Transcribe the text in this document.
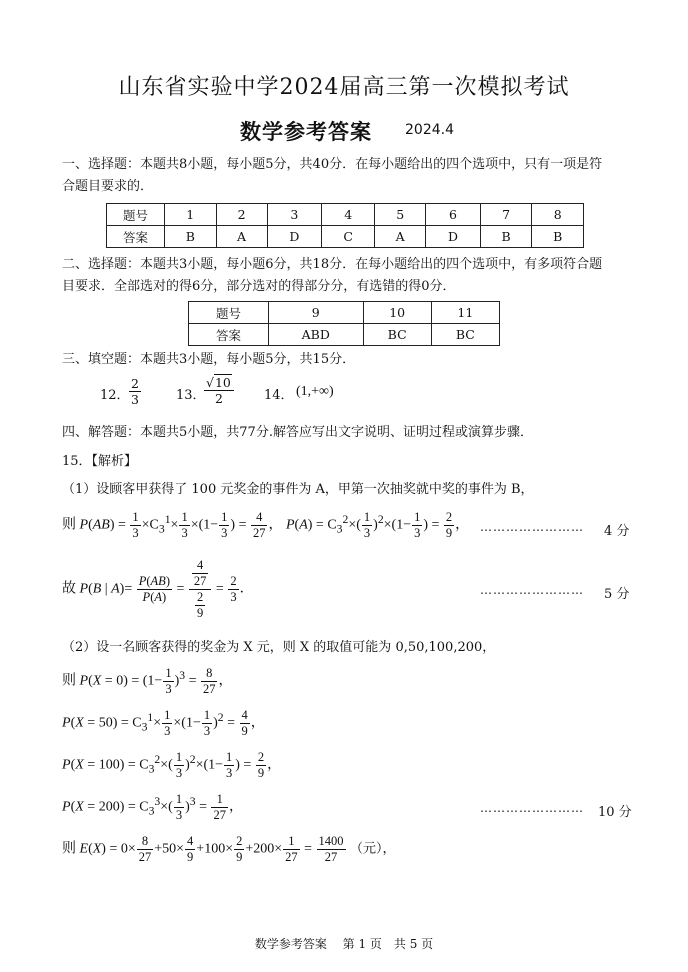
山东省实验中学2024届高三第一次模拟考试
数学参考答案 2024.4
一、选择题：本题共8小题，每小题5分，共40分．在每小题给出的四个选项中，只有一项是符
合题目要求的．
题号	1	2	3	4	5	6	7	8
答案	B	A	D	C	A	D	B	B
二、选择题：本题共3小题，每小题6分，共18分．在每小题给出的四个选项中，有多项符合题
目要求．全部选对的得6分，部分选对的得部分分，有选错的得0分．
题号	9	10	11
答案	ABD	BC	BC
三、填空题：本题共3小题，每小题5分，共15分．
12． $\frac{2}{3}$	13．
$\frac{√10}{2} 14$． (1,+∞)
四、解答题：本题共5小题，共77分.解答应写出文字说明、证明过程或演算步骤．
15．【解析】
（1）设顾客甲获得了 100 元奖金的事件为 A，甲第一次抽奖就中奖的事件为 B，
则 $P(AB) = \frac{1}{3} \times C_3^1\times \frac{1}{3} \times(1- \frac{1}{3}$ ) = $\frac{4}{27}$ ， $P(A) = C_3^2\times( \frac{1}{3} )^2\times(1- \frac{1}{3}$ ) = $\frac{2}{9}$ ， …………………… 4 分
故 P(B | $A)= \frac{P(AB)}{P(A)} = \frac{\frac{4}{27}}{\frac{2}{9}} = \frac{2}{3}$ ．	…………………… 5 分
（2）设一名顾客获得的奖金为 X 元，则 X 的取值可能为 0,50,100,200，
则 $P(X = 0) = (1- \frac{1}{3} )^3 = \frac{8}{27}$ ，
$P(X = 50) = C_3^1\times \frac{1}{3} \times(1- \frac{1}{3} )^2 = \frac{4}{9}$ ，
$P(X = 100) = C_3^2\times( \frac{1}{3} )^2\times(1- \frac{1}{3}$ ) = $\frac{2}{9}$ ，
$P(X = 200) = C_3^3\times( \frac{1}{3} )^3 = \frac{1}{27}$ ，	…………………… 10 分
则 $E(X) = 0\times \frac{8}{27} +50\times \frac{4}{9} +100\times \frac{2}{9} +200\times \frac{1}{27} = \frac{1400}{27}$ （元），
数学参考答案　 第 1 页　共 5 页
